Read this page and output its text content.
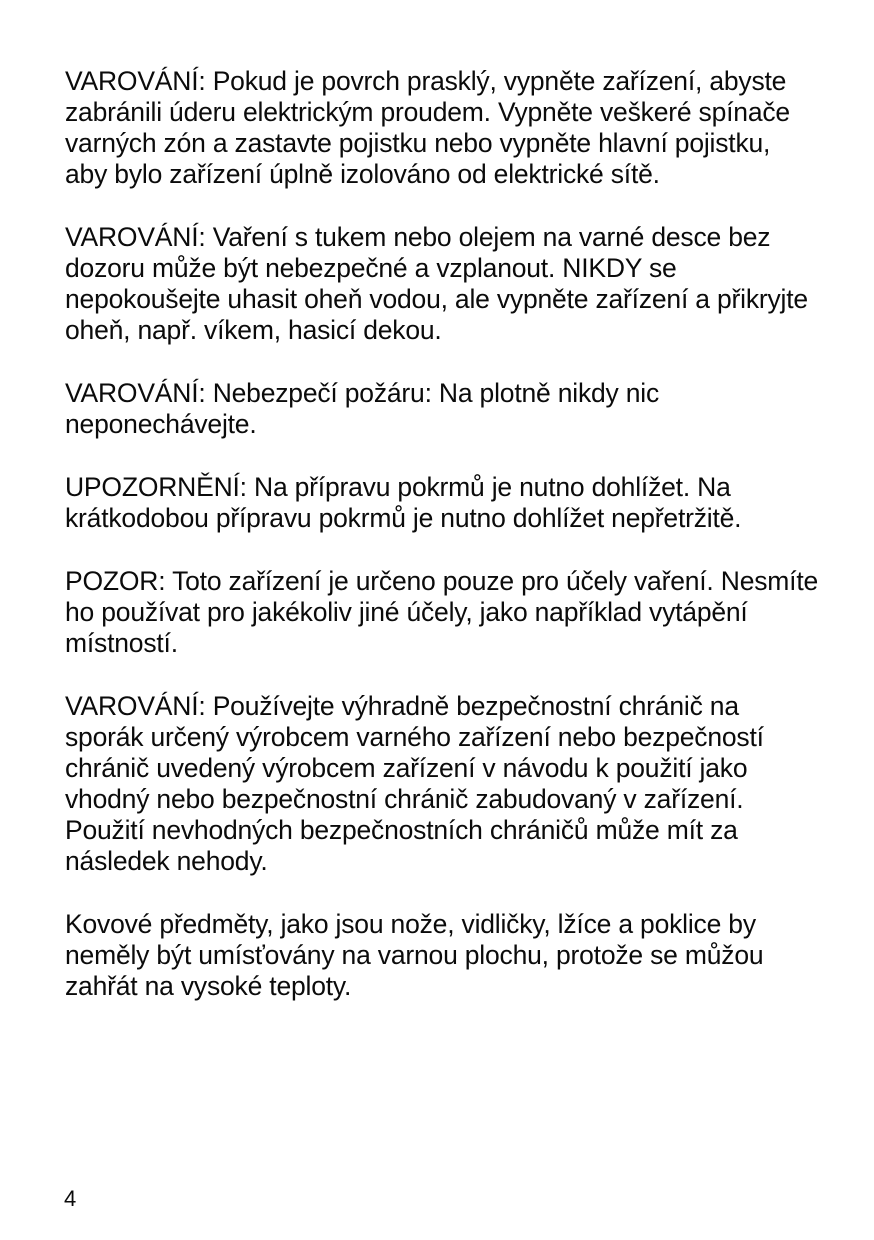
VAROVÁNÍ: Pokud je povrch prasklý, vypněte zařízení, abyste
zabránili úderu elektrickým proudem. Vypněte veškeré spínače
varných zón a zastavte pojistku nebo vypněte hlavní pojistku,
aby bylo zařízení úplně izolováno od elektrické sítě.

VAROVÁNÍ: Vaření s tukem nebo olejem na varné desce bez
dozoru může být nebezpečné a vzplanout. NIKDY se
nepokoušejte uhasit oheň vodou, ale vypněte zařízení a přikryjte
oheň, např. víkem, hasicí dekou.

VAROVÁNÍ: Nebezpečí požáru: Na plotně nikdy nic
neponechávejte.

UPOZORNĚNÍ: Na přípravu pokrmů je nutno dohlížet. Na
krátkodobou přípravu pokrmů je nutno dohlížet nepřetržitě.

POZOR: Toto zařízení je určeno pouze pro účely vaření. Nesmíte
ho používat pro jakékoliv jiné účely, jako například vytápění
místností.

VAROVÁNÍ: Používejte výhradně bezpečnostní chránič na
sporák určený výrobcem varného zařízení nebo bezpečností
chránič uvedený výrobcem zařízení v návodu k použití jako
vhodný nebo bezpečnostní chránič zabudovaný v zařízení.
Použití nevhodných bezpečnostních chráničů může mít za
následek nehody.

Kovové předměty, jako jsou nože, vidličky, lžíce a poklice by
neměly být umísťovány na varnou plochu, protože se můžou
zahřát na vysoké teploty.

4
